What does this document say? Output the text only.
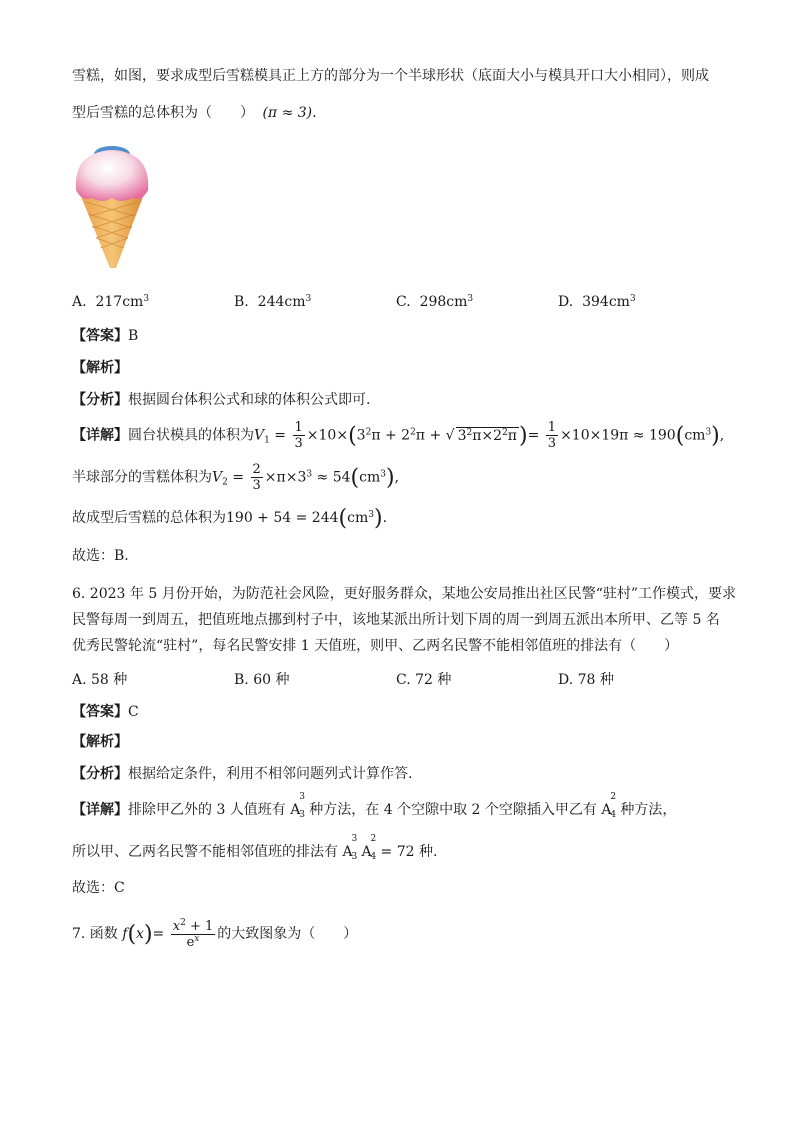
雪糕，如图，要求成型后雪糕模具正上方的部分为一个半球形状（底面大小与模具开口大小相同），则成
型后雪糕的总体积为（　　） (π ≈ 3).
A. $217cm^3$	B. $244cm^3$	C. $298cm^3$	D. $394cm^3$
【答案】B
【解析】
【分析】根据圆台体积公式和球的体积公式即可.
【详解】圆台状模具的体积为$V_1 = \frac{1}{3} \times 10\times(3^2\pi + 2^2\pi$ + √ $3^2\pi\times 2^2\pi)= \frac{1}{3} \times 10\times 19\pi \approx 190(cm^3)$,
半球部分的雪糕体积为$V_2 = \frac{2}{3} \times\pi\times 3^3 \approx 54(cm^3)$,
故成型后雪糕的总体积为$190 + 54 = 244(cm^3)$.
故选：B.
6. 2023 年 5 月份开始，为防范社会风险，更好服务群众，某地公安局推出社区民警“驻村”工作模式，要求
民警每周一到周五，把值班地点挪到村子中，该地某派出所计划下周的周一到周五派出本所甲、乙等 5 名
优秀民警轮流“驻村”，每名民警安排 1 天值班，则甲、乙两名民警不能相邻值班的排法有（　　）
A. 58 种	B. 60 种	C. 72 种	D. 78 种
【答案】C
【解析】
【分析】根据给定条件，利用不相邻问题列式计算作答.
【详解】排除甲乙外的 3 人值班有 A
3
3 种方法，在 4 个空隙中取 2 个空隙插入甲乙有 A
2
4 种方法，
所以甲、乙两名民警不能相邻值班的排法有 A
3
3 A
2
4 = 72 种.
故选：C
7. 函数 $f(x)= \frac{x^2 + 1}{e^x}$ 的大致图象为（　　）
